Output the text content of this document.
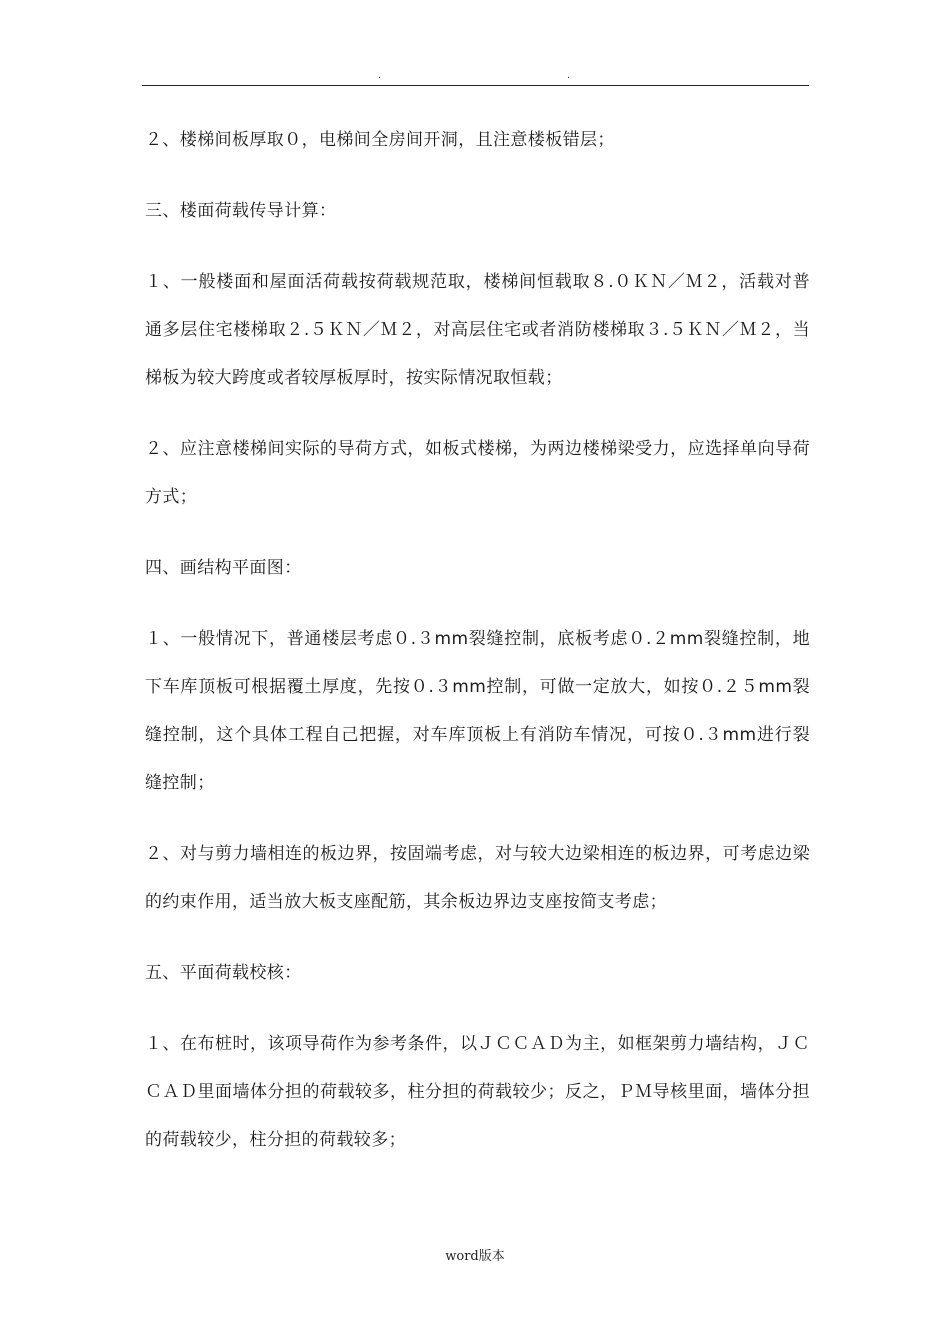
.	.

２、楼梯间板厚取０，电梯间全房间开洞，且注意楼板错层；

三、楼面荷载传导计算：

１、一般楼面和屋面活荷载按荷载规范取，楼梯间恒载取８.０ＫＮ／Ｍ２，活载对普通多层住宅楼梯取２.５ＫＮ／Ｍ２，对高层住宅或者消防楼梯取３.５ＫＮ／Ｍ２，当梯板为较大跨度或者较厚板厚时，按实际情况取恒载；

２、应注意楼梯间实际的导荷方式，如板式楼梯，为两边楼梯梁受力，应选择单向导荷方式；

四、画结构平面图：

１、一般情况下，普通楼层考虑０.３mm裂缝控制，底板考虑０.２mm裂缝控制，地下车库顶板可根据覆土厚度，先按０.３mm控制，可做一定放大，如按０.２５mm裂缝控制，这个具体工程自己把握，对车库顶板上有消防车情况，可按０.３mm进行裂缝控制；

２、对与剪力墙相连的板边界，按固端考虑，对与较大边梁相连的板边界，可考虑边梁的约束作用，适当放大板支座配筋，其余板边界边支座按简支考虑；

五、平面荷载校核：

１、在布桩时，该项导荷作为参考条件，以ＪＣＣＡＤ为主，如框架剪力墙结构，ＪＣＣＡＤ里面墙体分担的荷载较多，柱分担的荷载较少；反之，ＰＭ导核里面，墙体分担的荷载较少，柱分担的荷载较多；

word版本
